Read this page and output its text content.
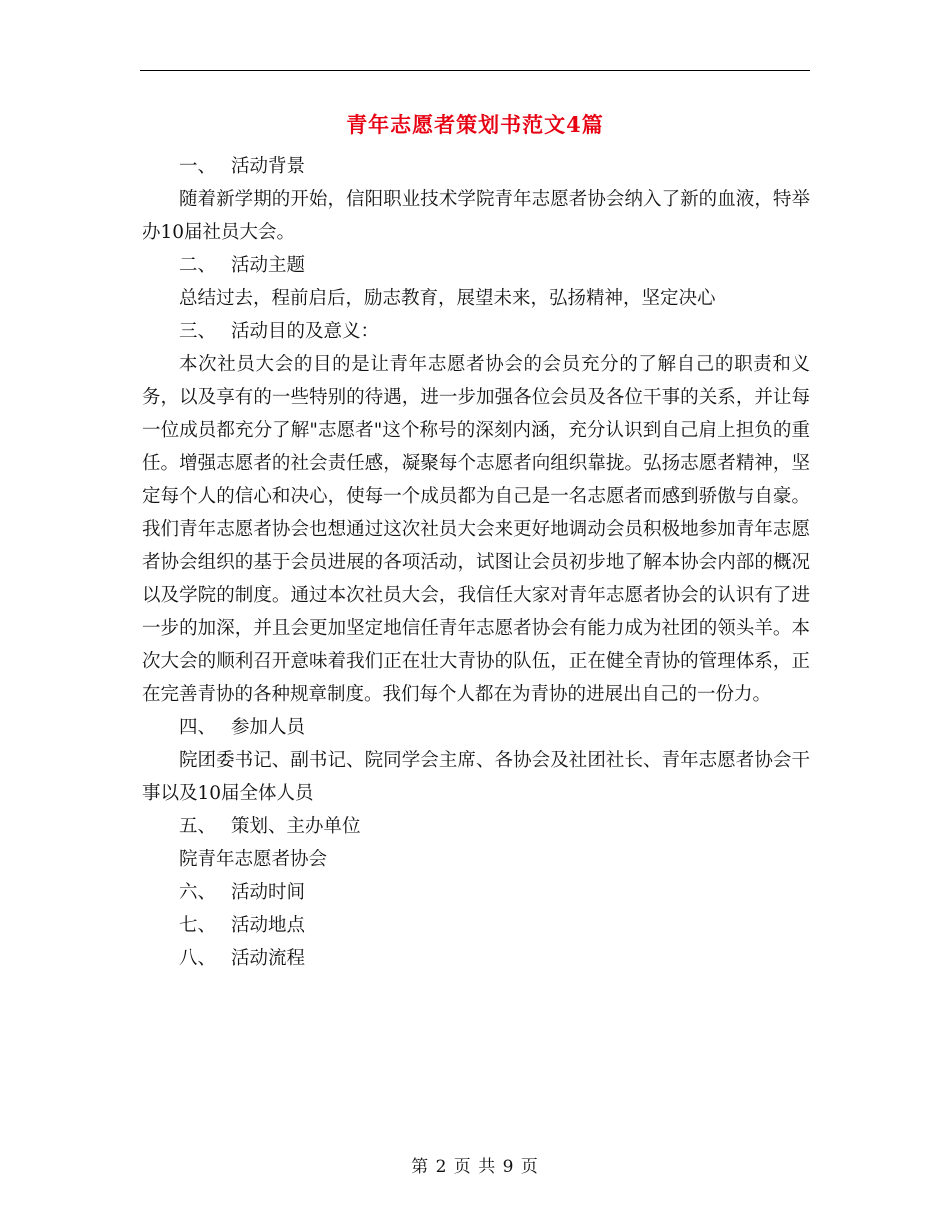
青年志愿者策划书范文4篇
一、 活动背景

随着新学期的开始，信阳职业技术学院青年志愿者协会纳入了新的血液，特举办10届社员大会。

二、 活动主题

总结过去，程前启后，励志教育，展望未来，弘扬精神，坚定决心

三、 活动目的及意义：

本次社员大会的目的是让青年志愿者协会的会员充分的了解自己的职责和义务，以及享有的一些特别的待遇，进一步加强各位会员及各位干事的关系，并让每一位成员都充分了解"志愿者"这个称号的深刻内涵，充分认识到自己肩上担负的重任。增强志愿者的社会责任感，凝聚每个志愿者向组织靠拢。弘扬志愿者精神，坚定每个人的信心和决心，使每一个成员都为自己是一名志愿者而感到骄傲与自豪。我们青年志愿者协会也想通过这次社员大会来更好地调动会员积极地参加青年志愿者协会组织的基于会员进展的各项活动，试图让会员初步地了解本协会内部的概况以及学院的制度。通过本次社员大会，我信任大家对青年志愿者协会的认识有了进一步的加深，并且会更加坚定地信任青年志愿者协会有能力成为社团的领头羊。本次大会的顺利召开意味着我们正在壮大青协的队伍，正在健全青协的管理体系，正在完善青协的各种规章制度。我们每个人都在为青协的进展出自己的一份力。

四、 参加人员

院团委书记、副书记、院同学会主席、各协会及社团社长、青年志愿者协会干事以及10届全体人员

五、 策划、主办单位

院青年志愿者协会

六、 活动时间
七、 活动地点
八、 活动流程
第 2 页 共 9 页
